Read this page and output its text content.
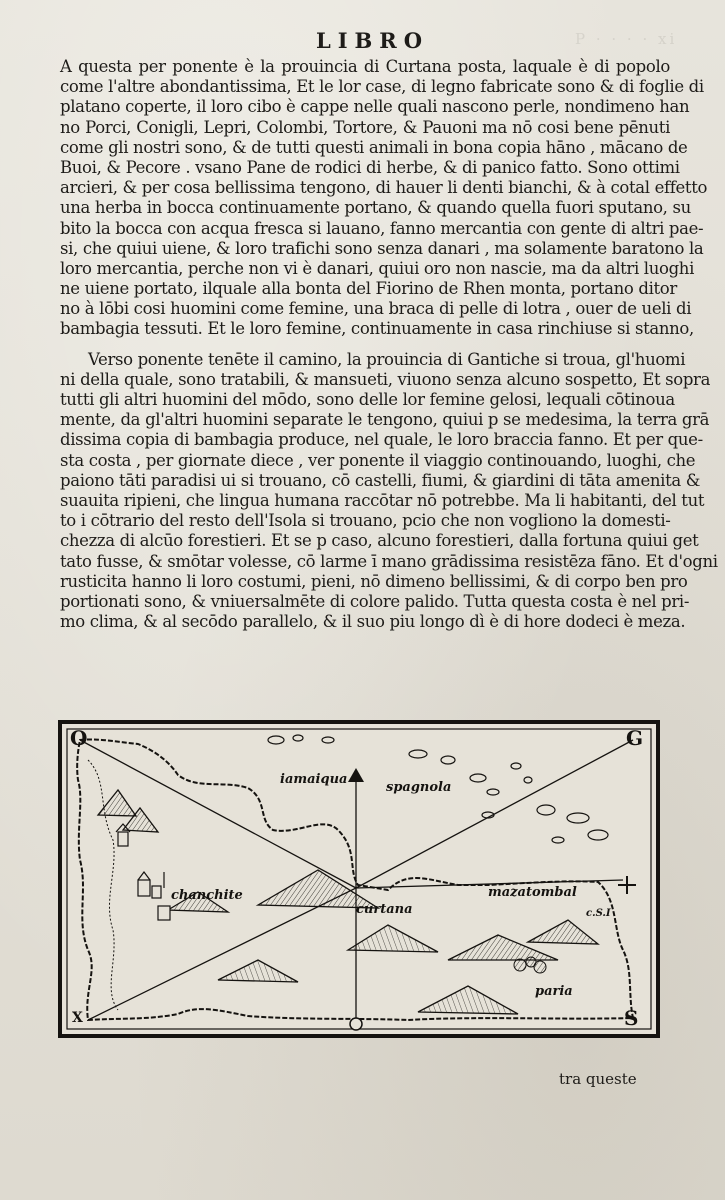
P · · · · xi
LIBRO

A questa per ponente è la prouincia di Curtana posta, laquale è di popolo

come l'altre abondantissima, Et le lor case, di legno fabricate sono & di foglie di

platano coperte, il loro cibo è cappe nelle quali nascono perle, nondimeno han

no Porci, Conigli, Lepri, Colombi, Tortore, & Pauoni ma nō cosi bene pēnuti

come gli nostri sono, & de tutti questi animali in bona copia hāno , mācano de

Buoi, & Pecore . vsano Pane de rodici di herbe, & di panico fatto. Sono ottimi

arcieri, & per cosa bellissima tengono, di hauer li denti bianchi, & à cotal effetto

una herba in bocca continuamente portano, & quando quella fuori sputano, su

bito la bocca con acqua fresca si lauano, fanno mercantia con gente di altri pae-

si, che quiui uiene, & loro trafichi sono senza danari , ma solamente baratono la

loro mercantia, perche non vi è danari, quiui oro non nascie, ma da altri luoghi

ne uiene portato, ilquale alla bonta del Fiorino de Rhen monta, portano ditor

no à lōbi cosi huomini come femine, una braca di pelle di lotra , ouer de ueli di

bambagia tessuti. Et le loro femine, continuamente in casa rinchiuse si stanno,

Verso ponente tenēte il camino, la prouincia di Gantiche si troua, gl'huomi

ni della quale, sono tratabili, & mansueti, viuono senza alcuno sospetto, Et sopra

tutti gli altri huomini del mōdo, sono delle lor femine gelosi, lequali cōtinoua

mente, da gl'altri huomini separate le tengono, quiui p se medesima, la terra grā

dissima copia di bambagia produce, nel quale, le loro braccia fanno. Et per que-

sta costa , per giornate diece , ver ponente il viaggio continouando, luoghi, che

paiono tāti paradisi ui si trouano, cō castelli, fiumi, & giardini di tāta amenita &

suauita ripieni, che lingua humana raccōtar nō potrebbe. Ma li habitanti, del tut

to i cōtrario del resto dell'Isola si trouano, pcio che non vogliono la domesti-

chezza di alcūo forestieri. Et se p caso, alcuno forestieri, dalla fortuna quiui get

tato fusse, & smōtar volesse, cō larme ī mano grādissima resistēza fāno. Et d'ogni

rusticita hanno li loro costumi, pieni, nō dimeno bellissimi, & di corpo ben pro

portionati sono, & vniuersalmēte di colore palido. Tutta questa costa è nel pri-

mo clima, & al secōdo parallelo, & il suo piu longo dì è di hore dodeci è meza.

iamaiqua
spagnola
chanchite
curtana
mazatombal
c.S.I
paria
O	G
S
X
tra queste
